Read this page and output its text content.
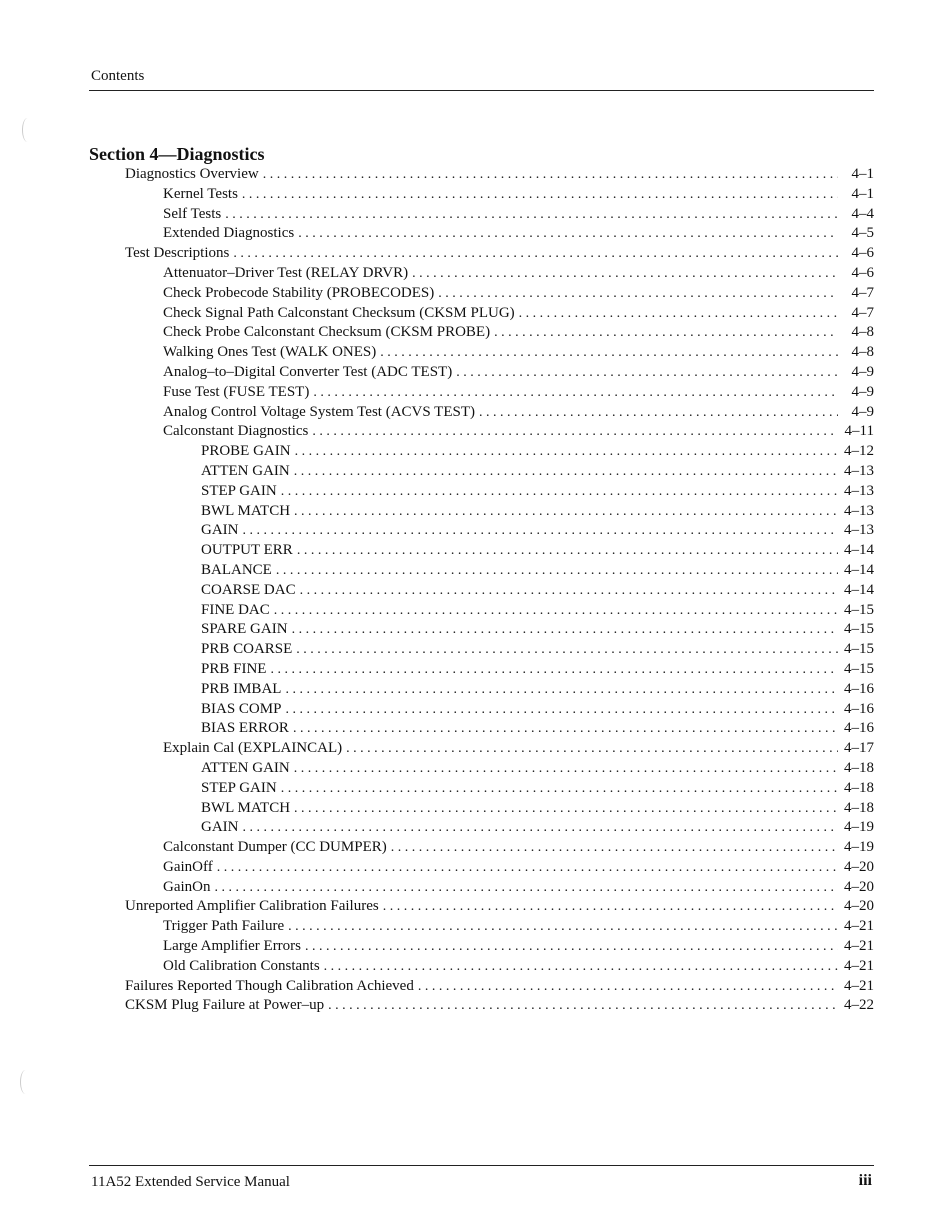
Contents
Section 4—Diagnostics
Diagnostics Overview . . .	4–1
Kernel Tests . . .	4–1
Self Tests . . .	4–4
Extended Diagnostics . . .	4–5
Test Descriptions . . .	4–6
Attenuator–Driver Test (RELAY DRVR) . . .	4–6
Check Probecode Stability (PROBECODES) . . .	4–7
Check Signal Path Calconstant Checksum (CKSM PLUG) . . .	4–7
Check Probe Calconstant Checksum (CKSM PROBE) . . .	4–8
Walking Ones Test (WALK ONES) . . .	4–8
Analog–to–Digital Converter Test (ADC TEST) . . .	4–9
Fuse Test (FUSE TEST) . . .	4–9
Analog Control Voltage System Test (ACVS TEST) . . .	4–9
Calconstant Diagnostics . . .	4–11
PROBE GAIN . . .	4–12
ATTEN GAIN . . .	4–13
STEP GAIN . . .	4–13
BWL MATCH . . .	4–13
GAIN . . .	4–13
OUTPUT ERR . . .	4–14
BALANCE . . .	4–14
COARSE DAC . . .	4–14
FINE DAC . . .	4–15
SPARE GAIN . . .	4–15
PRB COARSE . . .	4–15
PRB FINE . . .	4–15
PRB IMBAL . . .	4–16
BIAS COMP . . .	4–16
BIAS ERROR . . .	4–16
Explain Cal (EXPLAINCAL) . . .	4–17
ATTEN GAIN . . .	4–18
STEP GAIN . . .	4–18
BWL MATCH . . .	4–18
GAIN . . .	4–19
Calconstant Dumper (CC DUMPER) . . .	4–19
GainOff . . .	4–20
GainOn . . .	4–20
Unreported Amplifier Calibration Failures . . .	4–20
Trigger Path Failure . . .	4–21
Large Amplifier Errors . . .	4–21
Old Calibration Constants . . .	4–21
Failures Reported Though Calibration Achieved . . .	4–21
CKSM Plug Failure at Power–up . . .	4–22
11A52 Extended Service Manual	iii
